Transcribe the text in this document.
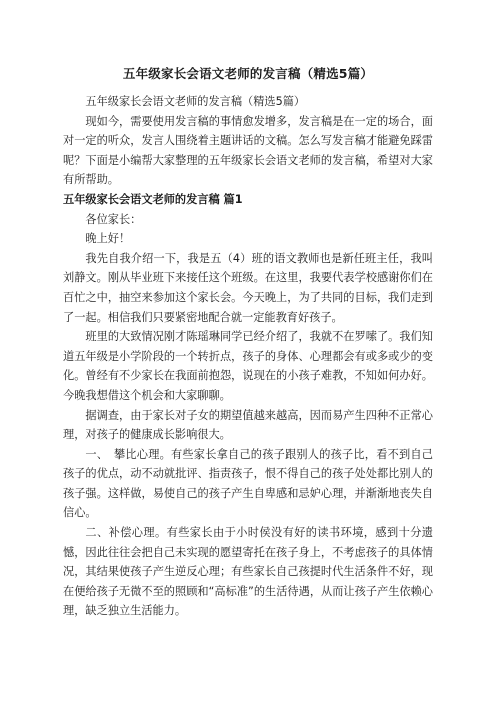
五年级家长会语文老师的发言稿（精选5篇）

五年级家长会语文老师的发言稿（精选5篇）

现如今，需要使用发言稿的事情愈发增多，发言稿是在一定的场合，面对一定的听众，发言人围绕着主题讲话的文稿。怎么写发言稿才能避免踩雷呢？下面是小编帮大家整理的五年级家长会语文老师的发言稿，希望对大家有所帮助。

五年级家长会语文老师的发言稿 篇1

各位家长：

晚上好！

我先自我介绍一下，我是五（4）班的语文教师也是新任班主任，我叫刘静文。刚从毕业班下来接任这个班级。在这里，我要代表学校感谢你们在百忙之中，抽空来参加这个家长会。今天晚上，为了共同的目标，我们走到了一起。相信我们只要紧密地配合就一定能教育好孩子。

班里的大致情况刚才陈瑶琳同学已经介绍了，我就不在罗嗦了。我们知道五年级是小学阶段的一个转折点，孩子的身体、心理都会有或多或少的变化。曾经有不少家长在我面前抱怨，说现在的小孩子难教，不知如何办好。今晚我想借这个机会和大家聊聊。

据调查，由于家长对子女的期望值越来越高，因而易产生四种不正常心理，对孩子的健康成长影响很大。

一、　攀比心理。有些家长拿自己的孩子跟别人的孩子比，看不到自己孩子的优点，动不动就批评、指责孩子，恨不得自己的孩子处处都比别人的孩子强。这样做，易使自己的孩子产生自卑感和忌妒心理，并渐渐地丧失自信心。

二、补偿心理。有些家长由于小时侯没有好的读书环境，感到十分遗憾，因此往往会把自己未实现的愿望寄托在孩子身上，不考虑孩子的具体情况，其结果使孩子产生逆反心理；有些家长自己孩提时代生活条件不好，现在便给孩子无微不至的照顾和“高标准”的生活待遇，从而让孩子产生依赖心理，缺乏独立生活能力。
